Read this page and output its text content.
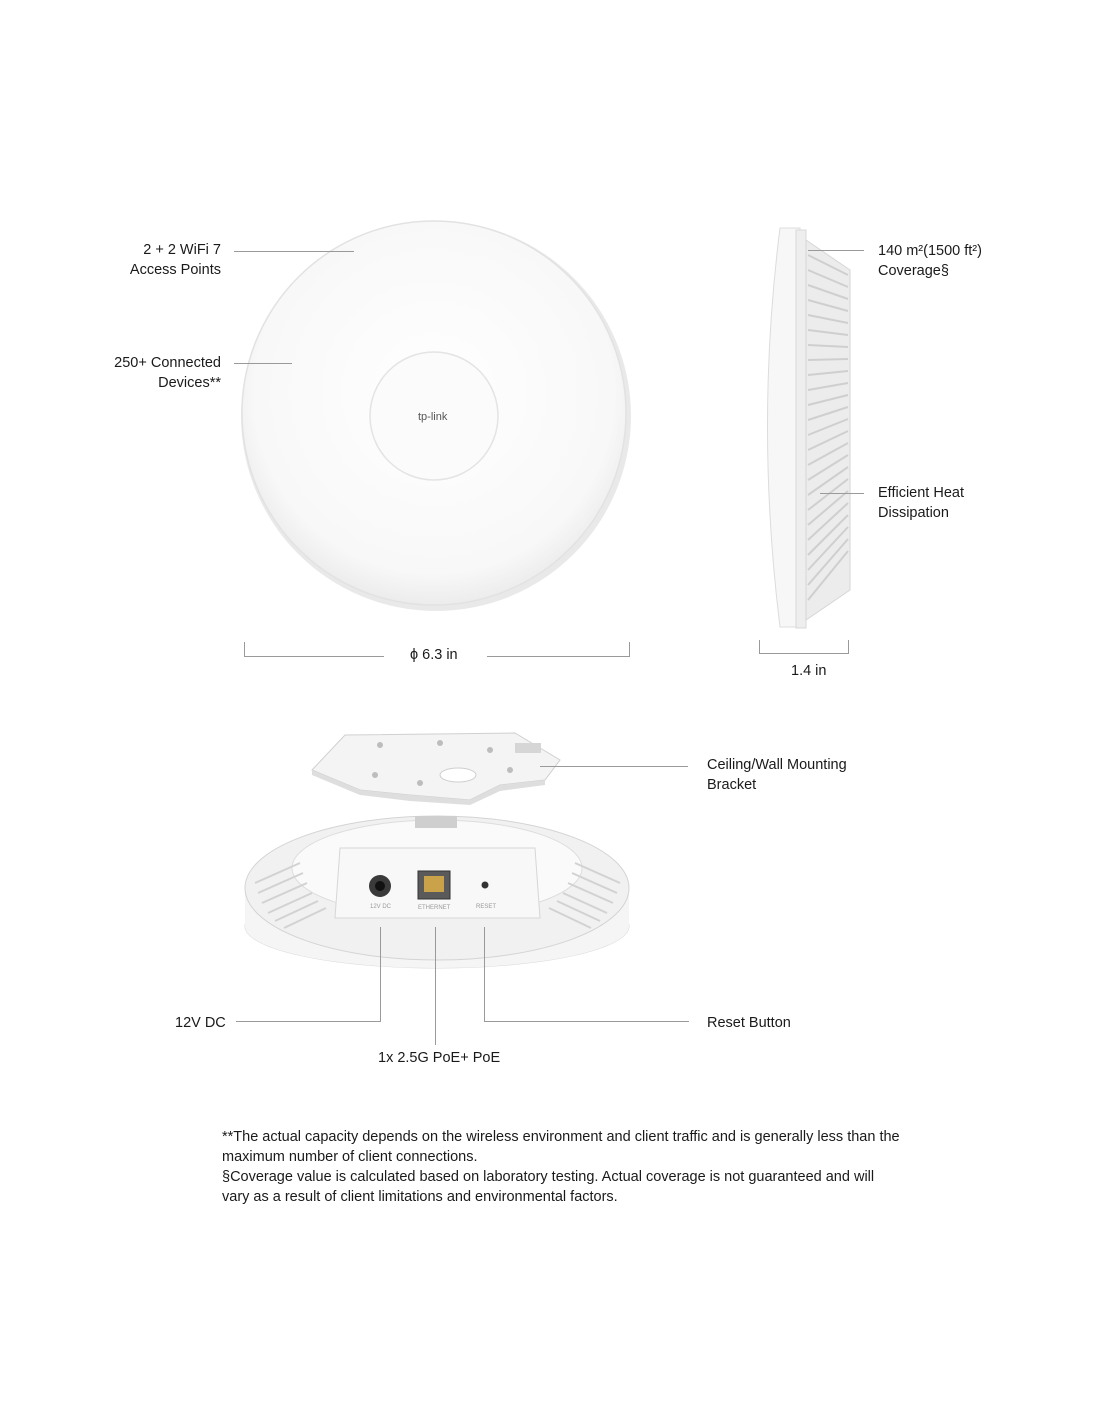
tp-link
12V DC	ETHERNET	RESET
ϕ 6.3 in
1.4 in
2 + 2 WiFi 7
Access Points
250+ Connected
Devices**
140 m²(1500 ft²)
Coverage§
Efficient Heat
Dissipation
Ceiling/Wall Mounting
Bracket
12V DC	Reset Button
1x 2.5G PoE+ PoE

**The actual capacity depends on the wireless environment and client traffic and is generally less than the maximum number of client connections.

§Coverage value is calculated based on laboratory testing. Actual coverage is not guaranteed and will vary as a result of client limitations and environmental factors.
